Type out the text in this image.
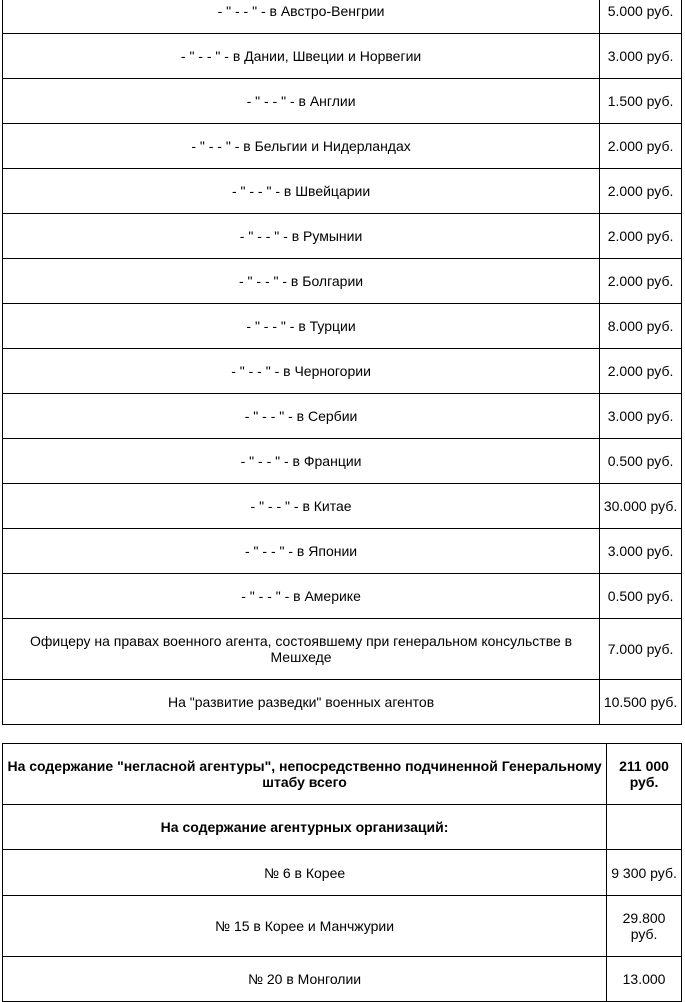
- " - - " - в Австро-Венгрии	5.000 руб.
- " - - " - в Дании, Швеции и Норвегии	3.000 руб.
- " - - " - в Англии	1.500 руб.
- " - - " - в Бельгии и Нидерландах	2.000 руб.
- " - - " - в Швейцарии	2.000 руб.
- " - - " - в Румынии	2.000 руб.
- " - - " - в Болгарии	2.000 руб.
- " - - " - в Турции	8.000 руб.
- " - - " - в Черногории	2.000 руб.
- " - - " - в Сербии	3.000 руб.
- " - - " - в Франции	0.500 руб.
- " - - " - в Китае	30.000 руб.
- " - - " - в Японии	3.000 руб.
- " - - " - в Америке	0.500 руб.
Офицеру на правах военного агента, состоявшему при генеральном консульстве в Мешхеде	7.000 руб.
На "развитие разведки" военных агентов	10.500 руб.
На содержание "негласной агентуры", непосредственно подчиненной Генеральному штабу всего	211 000 руб.
На содержание агентурных организаций:	
№ 6 в Корее	9 300 руб.
№ 15 в Корее и Манчжурии	29.800 руб.
№ 20 в Монголии	13.000
